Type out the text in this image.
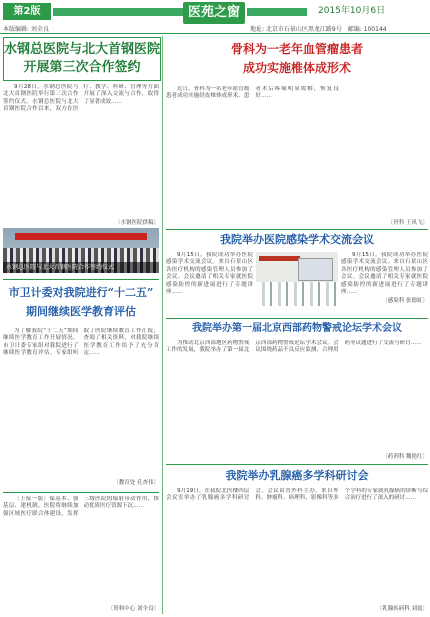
第2版	医苑之窗	2015年10月6日
本版编辑: 刘全良	地址: 北京市石景山区黑龙江路9号　邮编: 100144
水钢总医院与北大首钢医院
开展第三次合作签约

9月28日，水钢总医院与北大首钢医院举行第三次合作签约仪式。水钢总医院与北大首钢医院合作以来，双方在医疗、教学、科研、管理等方面开展了深入交流与合作，取得了显著成效……

〔水钢医院供稿〕
水钢总医院与北大首钢医院合作签约仪式
市卫计委对我院进行“十二五”
期间继续医学教育评估

为了解我院“十二五”期间继续医学教育工作开展情况，市卫计委专家组对我院进行了继续医学教育评估。专家组听取了医院继续教育工作汇报，查阅了相关资料，对我院继续医学教育工作给予了充分肯定……

〔教育处 孔杏伟〕

〔上接一版〕保基本、强基层、建机制，医院将继续加强区域医疗联合体建设，发挥三级医院的辐射带动作用，推动优质医疗资源下沉……

〔资料中心 刘全良〕
骨科为一老年血管瘤患者
成功实施椎体成形术

近日，骨科为一名老年血管瘤患者成功实施经皮椎体成形术。患者术后疼痛明显缓解，恢复良好……

〔骨科 王风飞〕
我院举办医院感染学术交流会议

9月15日，我院成功举办医院感染学术交流会议。来自石景山区各医疗机构的感染管理人员参加了会议。会议邀请了相关专家就医院感染防控的新进展进行了专题讲座……

9月15日，我院成功举办医院感染学术交流会议。来自石景山区各医疗机构的感染管理人员参加了会议。会议邀请了相关专家就医院感染防控的新进展进行了专题讲座……

〔感染科 张德虹〕
我院举办第一届北京西部药物警戒论坛学术会议

为推动北京西部地区药物警戒工作的发展，我院举办了第一届北京西部药物警戒论坛学术会议。会议围绕药品不良反应监测、合理用药等议题进行了交流与研讨……

〔药剂科 魏艳红〕
我院举办乳腺癌多学科研讨会

9月19日，在我院北医楼四层会议室举办了乳腺癌多学科研讨会。会议由普外科主办，来自外科、肿瘤科、病理科、影像科等多个学科的专家就乳腺癌的诊断与综合治疗进行了深入的研讨……

〔乳腺疾病科 刘震〕
